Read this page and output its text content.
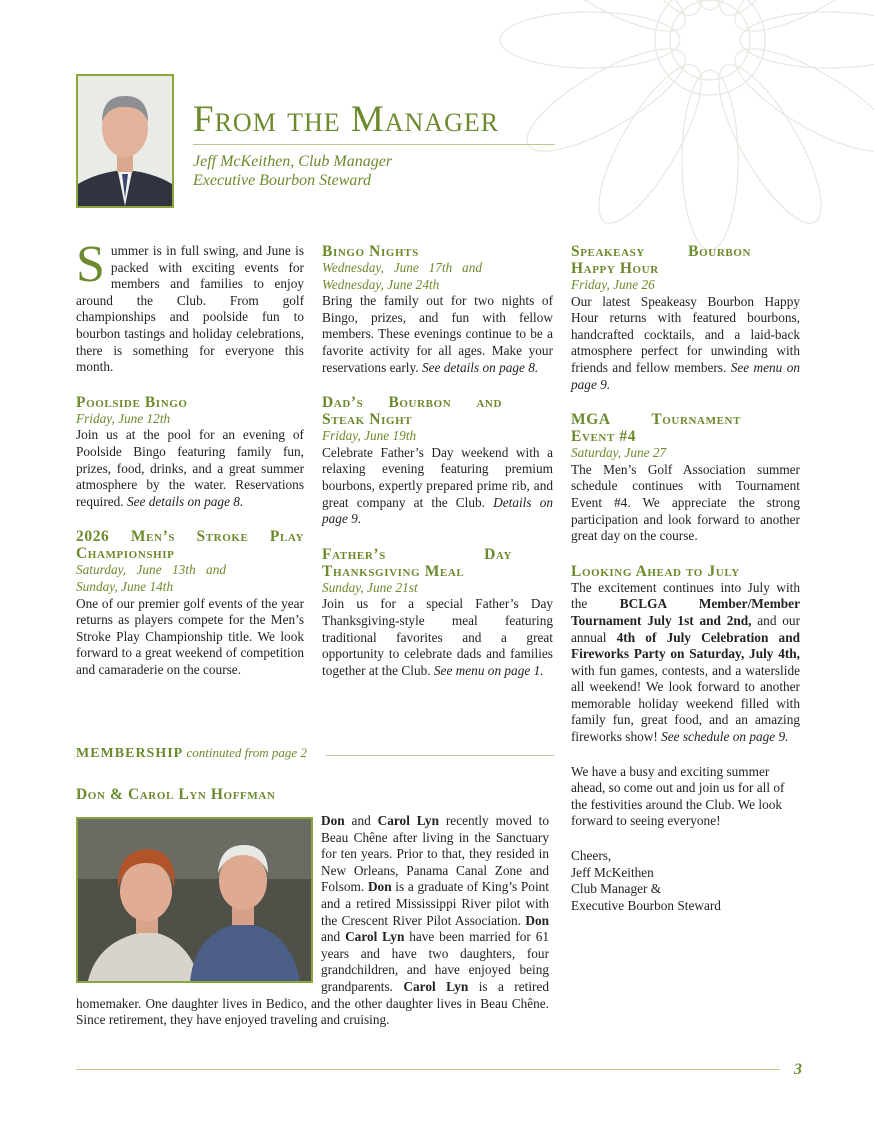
From the Manager
Jeff McKeithen, Club Manager
Executive Bourbon Steward

Summer is in full swing, and June is packed with exciting events for members and families to enjoy around the Club. From golf championships and poolside fun to bourbon tastings and holiday celebrations, there is something for everyone this month.

Poolside Bingo

Friday, June 12th

Join us at the pool for an evening of Poolside Bingo featuring family fun, prizes, food, drinks, and a great summer atmosphere by the water. Reservations required. See details on page 8.

2026 Men’s Stroke Play Championship

Saturday, June 13th and Sunday, June 14th

One of our premier golf events of the year returns as players compete for the Men’s Stroke Play Championship title. We look forward to a great weekend of competition and camaraderie on the course.

Bingo Nights

Wednesday, June 17th and Wednesday, June 24th

Bring the family out for two nights of Bingo, prizes, and fun with fellow members. These evenings continue to be a favorite activity for all ages. Make your reservations early. See details on page 8.

Dad’s Bourbon and Steak Night

Friday, June 19th

Celebrate Father’s Day weekend with a relaxing evening featuring premium bourbons, expertly prepared prime rib, and great company at the Club. Details on page 9.

Father’s Day Thanksgiving Meal

Sunday, June 21st

Join us for a special Father’s Day Thanksgiving-style meal featuring traditional favorites and a great opportunity to celebrate dads and families together at the Club. See menu on page 1.

Speakeasy Bourbon Happy Hour

Friday, June 26

Our latest Speakeasy Bourbon Happy Hour returns with featured bourbons, handcrafted cocktails, and a laid-back atmosphere perfect for unwinding with friends and fellow members. See menu on page 9.

MGA Tournament Event #4

Saturday, June 27

The Men’s Golf Association summer schedule continues with Tournament Event #4. We appreciate the strong participation and look forward to another great day on the course.

Looking Ahead to July

The excitement continues into July with the BCLGA Member/Member Tournament July 1st and 2nd, and our annual 4th of July Celebration and Fireworks Party on Saturday, July 4th, with fun games, contests, and a waterslide all weekend! We look forward to another memorable holiday weekend filled with family fun, great food, and an amazing fireworks show! See schedule on page 9.

We have a busy and exciting summer ahead, so come out and join us for all of the festivities around the Club. We look forward to seeing everyone!

Cheers,
Jeff McKeithen
Club Manager &
Executive Bourbon Steward
MEMBERSHIP continuted from page 2

Don & Carol Lyn Hoffman

Don and Carol Lyn recently moved to Beau Chêne after living in the Sanctuary for ten years. Prior to that, they resided in New Orleans, Panama Canal Zone and Folsom. Don is a graduate of King’s Point and a retired Mississippi River pilot with the Crescent River Pilot Association. Don and Carol Lyn have been married for 61 years and have two daughters, four grandchildren, and have enjoyed being grandparents. Carol Lyn is a retired homemaker. One daughter lives in Bedico, and the other daughter lives in Beau Chêne. Since retirement, they have enjoyed traveling and cruising.
3
